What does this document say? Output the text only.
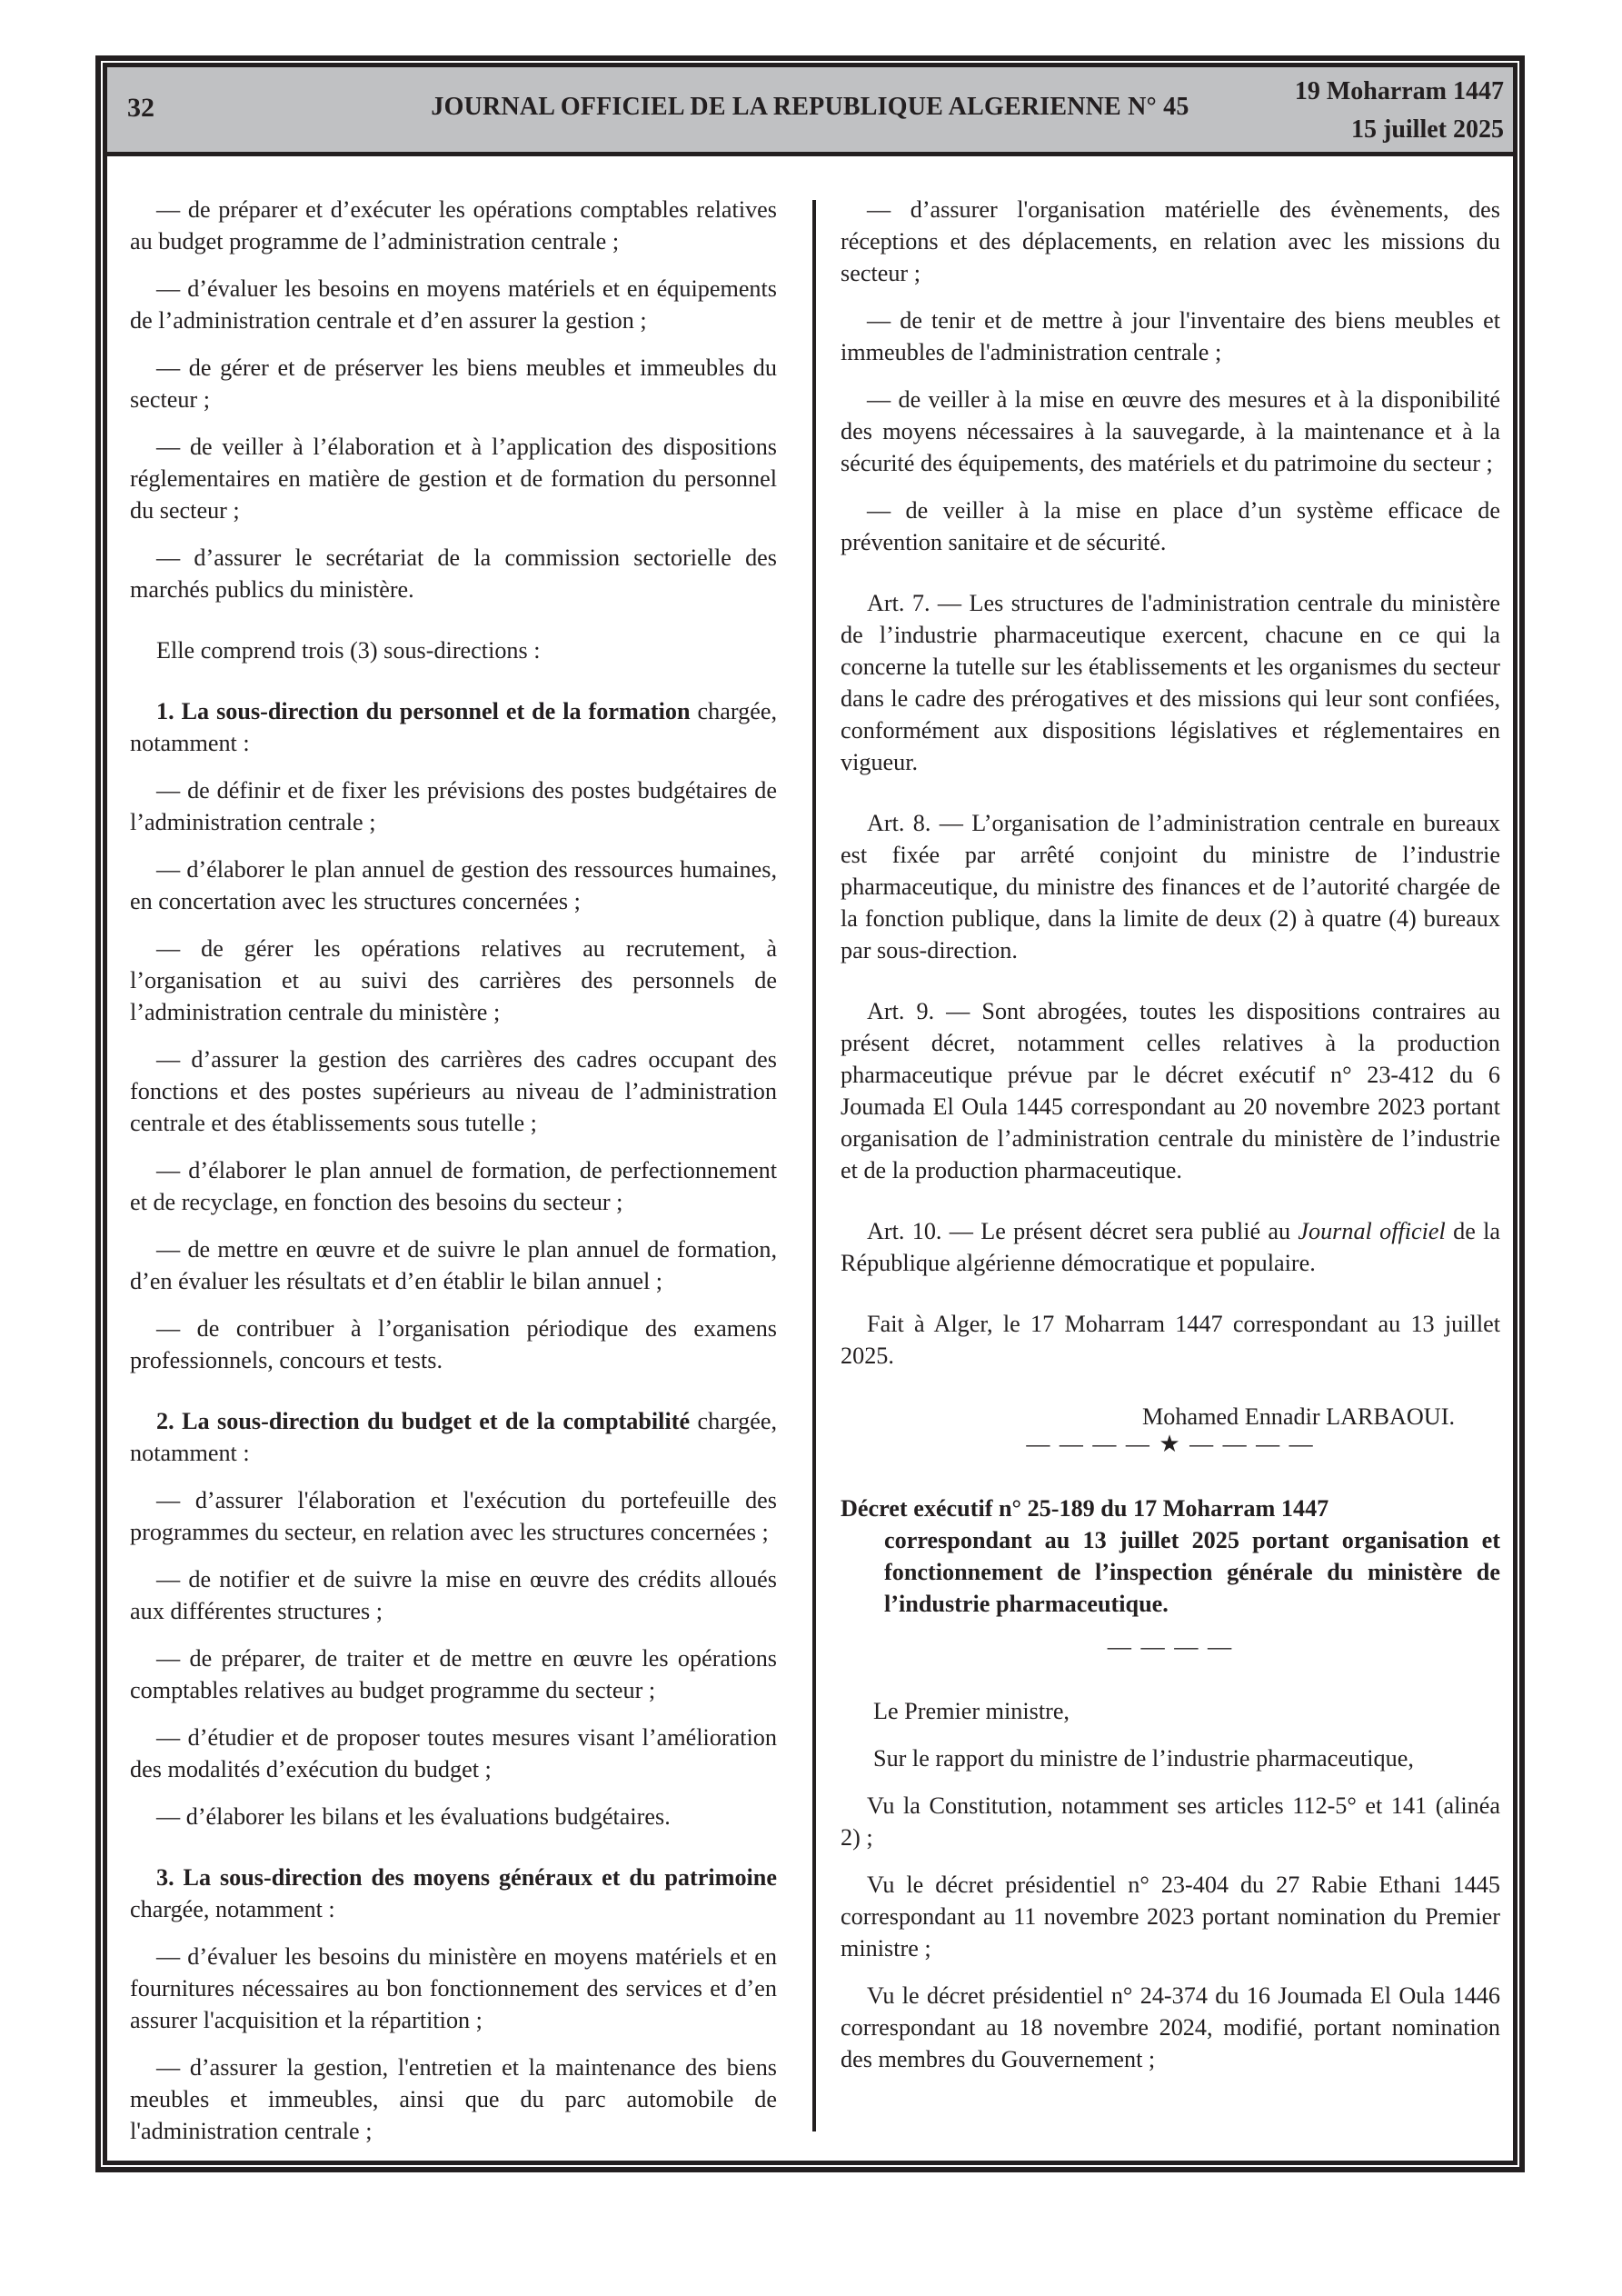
32	JOURNAL OFFICIEL DE LA REPUBLIQUE ALGERIENNE N° 45
19 Moharram 1447
15 juillet 2025

— de préparer et d’exécuter les opérations comptables relatives au budget programme de l’administration centrale ;

— d’évaluer les besoins en moyens matériels et en équipements de l’administration centrale et d’en assurer la gestion ;

— de gérer et de préserver les biens meubles et immeubles du secteur ;

— de veiller à l’élaboration et à l’application des dispositions réglementaires en matière de gestion et de formation du personnel du secteur ;

— d’assurer le secrétariat de la commission sectorielle des marchés publics du ministère.

Elle comprend trois (3) sous-directions :

1. La sous-direction du personnel et de la formation chargée, notamment :

— de définir et de fixer les prévisions des postes budgétaires de l’administration centrale ;

— d’élaborer le plan annuel de gestion des ressources humaines, en concertation avec les structures concernées ;

— de gérer les opérations relatives au recrutement, à l’organisation et au suivi des carrières des personnels de l’administration centrale du ministère ;

— d’assurer la gestion des carrières des cadres occupant des fonctions et des postes supérieurs au niveau de l’administration centrale et des établissements sous tutelle ;

— d’élaborer le plan annuel de formation, de perfectionnement et de recyclage, en fonction des besoins du secteur ;

— de mettre en œuvre et de suivre le plan annuel de formation, d’en évaluer les résultats et d’en établir le bilan annuel ;

— de contribuer à l’organisation périodique des examens professionnels, concours et tests.

2. La sous-direction du budget et de la comptabilité chargée, notamment :

— d’assurer l'élaboration et l'exécution du portefeuille des programmes du secteur, en relation avec les structures concernées ;

— de notifier et de suivre la mise en œuvre des crédits alloués aux différentes structures ;

— de préparer, de traiter et de mettre en œuvre les opérations comptables relatives au budget programme du secteur ;

— d’étudier et de proposer toutes mesures visant l’amélioration des modalités d’exécution du budget ;

— d’élaborer les bilans et les évaluations budgétaires.

3. La sous-direction des moyens généraux et du patrimoine chargée, notamment :

— d’évaluer les besoins du ministère en moyens matériels et en fournitures nécessaires au bon fonctionnement des services et d’en assurer l'acquisition et la répartition ;

— d’assurer la gestion, l'entretien et la maintenance des biens meubles et immeubles, ainsi que du parc automobile de l'administration centrale ;

— d’assurer l'organisation matérielle des évènements, des réceptions et des déplacements, en relation avec les missions du secteur ;

— de tenir et de mettre à jour l'inventaire des biens meubles et immeubles de l'administration centrale ;

— de veiller à la mise en œuvre des mesures et à la disponibilité des moyens nécessaires à la sauvegarde, à la maintenance et à la sécurité des équipements, des matériels et du patrimoine du secteur ;

— de veiller à la mise en place d’un système efficace de prévention sanitaire et de sécurité.

Art. 7. — Les structures de l'administration centrale du ministère de l’industrie pharmaceutique exercent, chacune en ce qui la concerne la tutelle sur les établissements et les organismes du secteur dans le cadre des prérogatives et des missions qui leur sont confiées, conformément aux dispositions législatives et réglementaires en vigueur.

Art. 8. — L’organisation de l’administration centrale en bureaux est fixée par arrêté conjoint du ministre de l’industrie pharmaceutique, du ministre des finances et de l’autorité chargée de la fonction publique, dans la limite de deux (2) à quatre (4) bureaux par sous-direction.

Art. 9. — Sont abrogées, toutes les dispositions contraires au présent décret, notamment celles relatives à la production pharmaceutique prévue par le décret exécutif n° 23-412 du 6 Joumada El Oula 1445 correspondant au 20 novembre 2023 portant organisation de l’administration centrale du ministère de l’industrie et de la production pharmaceutique.

Art. 10. — Le présent décret sera publié au Journal officiel de la République algérienne démocratique et populaire.

Fait à Alger, le 17 Moharram 1447 correspondant au 13 juillet 2025.

Mohamed Ennadir LARBAOUI.

— — — — ★ — — — —

Décret exécutif n° 25-189 du 17 Moharram 1447
correspondant au 13 juillet 2025 portant organisation et fonctionnement de l’inspection générale du ministère de l’industrie pharmaceutique.

— — — —

Le Premier ministre,

Sur le rapport du ministre de l’industrie pharmaceutique,

Vu la Constitution, notamment ses articles 112-5° et 141 (alinéa 2) ;

Vu le décret présidentiel n° 23-404 du 27 Rabie Ethani 1445 correspondant au 11 novembre 2023 portant nomination du Premier ministre ;

Vu le décret présidentiel n° 24-374 du 16 Joumada El Oula 1446 correspondant au 18 novembre 2024, modifié, portant nomination des membres du Gouvernement ;
